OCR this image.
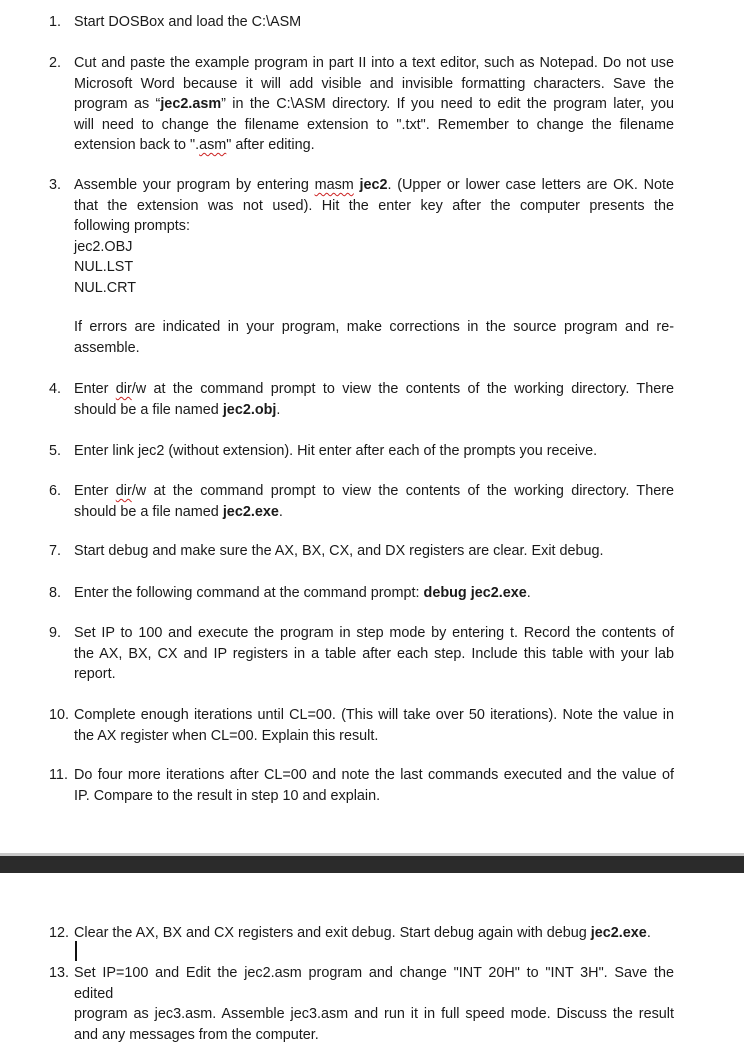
1. Start DOSBox and load the C:\ASM
2. Cut and paste the example program in part II into a text editor, such as Notepad. Do not use
Microsoft Word because it will add visible and invisible formatting characters. Save the
program as “jec2.asm” in the C:\ASM directory. If you need to edit the program later, you
will need to change the filename extension to ".txt". Remember to change the filename
extension back to ".asm" after editing.
3. Assemble your program by entering masm jec2. (Upper or lower case letters are OK. Note
that the extension was not used). Hit the enter key after the computer presents the
following prompts:
jec2.OBJ
NUL.LST
NUL.CRT
If errors are indicated in your program, make corrections in the source program and re-
assemble.
4. Enter dir/w at the command prompt to view the contents of the working directory. There
should be a file named jec2.obj.
5. Enter link jec2 (without extension). Hit enter after each of the prompts you receive.
6. Enter dir/w at the command prompt to view the contents of the working directory. There
should be a file named jec2.exe.
7. Start debug and make sure the AX, BX, CX, and DX registers are clear. Exit debug.
8. Enter the following command at the command prompt: debug jec2.exe.
9. Set IP to 100 and execute the program in step mode by entering t. Record the contents of
the AX, BX, CX and IP registers in a table after each step. Include this table with your lab
report.
10. Complete enough iterations until CL=00. (This will take over 50 iterations). Note the value in
the AX register when CL=00. Explain this result.
11. Do four more iterations after CL=00 and note the last commands executed and the value of
IP. Compare to the result in step 10 and explain.
12. Clear the AX, BX and CX registers and exit debug. Start debug again with debug jec2.exe.
13. Set IP=100 and Edit the jec2.asm program and change "INT 20H" to "INT 3H". Save the edited
program as jec3.asm. Assemble jec3.asm and run it in full speed mode. Discuss the result
and any messages from the computer.
